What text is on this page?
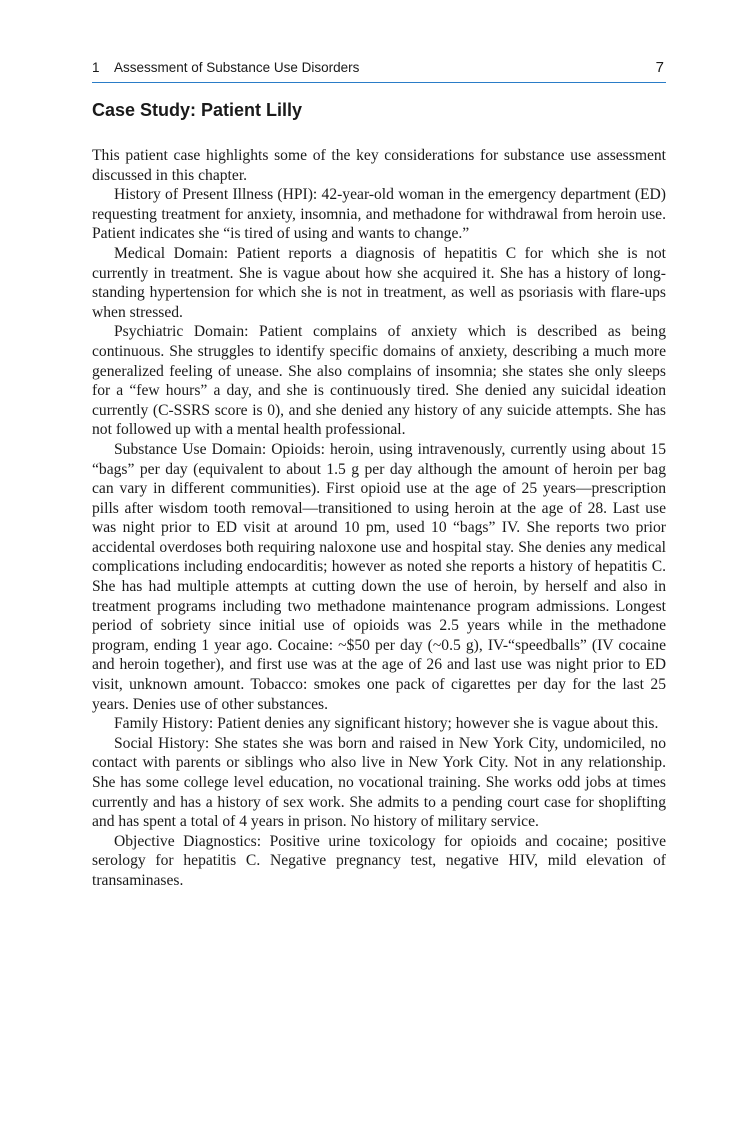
1 Assessment of Substance Use Disorders	7
Case Study: Patient Lilly

This patient case highlights some of the key considerations for substance use assessment discussed in this chapter.

History of Present Illness (HPI): 42-year-old woman in the emergency department (ED) requesting treatment for anxiety, insomnia, and methadone for withdrawal from heroin use. Patient indicates she “is tired of using and wants to change.”

Medical Domain: Patient reports a diagnosis of hepatitis C for which she is not currently in treatment. She is vague about how she acquired it. She has a history of long-standing hypertension for which she is not in treatment, as well as psoriasis with flare-ups when stressed.

Psychiatric Domain: Patient complains of anxiety which is described as being continuous. She struggles to identify specific domains of anxiety, describing a much more generalized feeling of unease. She also complains of insomnia; she states she only sleeps for a “few hours” a day, and she is continuously tired. She denied any suicidal ideation currently (C-SSRS score is 0), and she denied any history of any suicide attempts. She has not followed up with a mental health professional.

Substance Use Domain: Opioids: heroin, using intravenously, currently using about 15 “bags” per day (equivalent to about 1.5 g per day although the amount of heroin per bag can vary in different communities). First opioid use at the age of 25 years—prescription pills after wisdom tooth removal—transitioned to using heroin at the age of 28. Last use was night prior to ED visit at around 10 pm, used 10 “bags” IV. She reports two prior accidental overdoses both requiring naloxone use and hospital stay. She denies any medical complications including endocarditis; however as noted she reports a history of hepatitis C. She has had multiple attempts at cutting down the use of heroin, by herself and also in treatment programs including two methadone maintenance program admissions. Longest period of sobriety since initial use of opioids was 2.5 years while in the methadone program, ending 1 year ago. Cocaine: ~$50 per day (~0.5 g), IV-“speedballs” (IV cocaine and heroin together), and first use was at the age of 26 and last use was night prior to ED visit, unknown amount. Tobacco: smokes one pack of cigarettes per day for the last 25 years. Denies use of other substances.

Family History: Patient denies any significant history; however she is vague about this.

Social History: She states she was born and raised in New York City, undomiciled, no contact with parents or siblings who also live in New York City. Not in any relationship. She has some college level education, no vocational training. She works odd jobs at times currently and has a history of sex work. She admits to a pending court case for shoplifting and has spent a total of 4 years in prison. No history of military service.

Objective Diagnostics: Positive urine toxicology for opioids and cocaine; positive serology for hepatitis C. Negative pregnancy test, negative HIV, mild elevation of transaminases.
